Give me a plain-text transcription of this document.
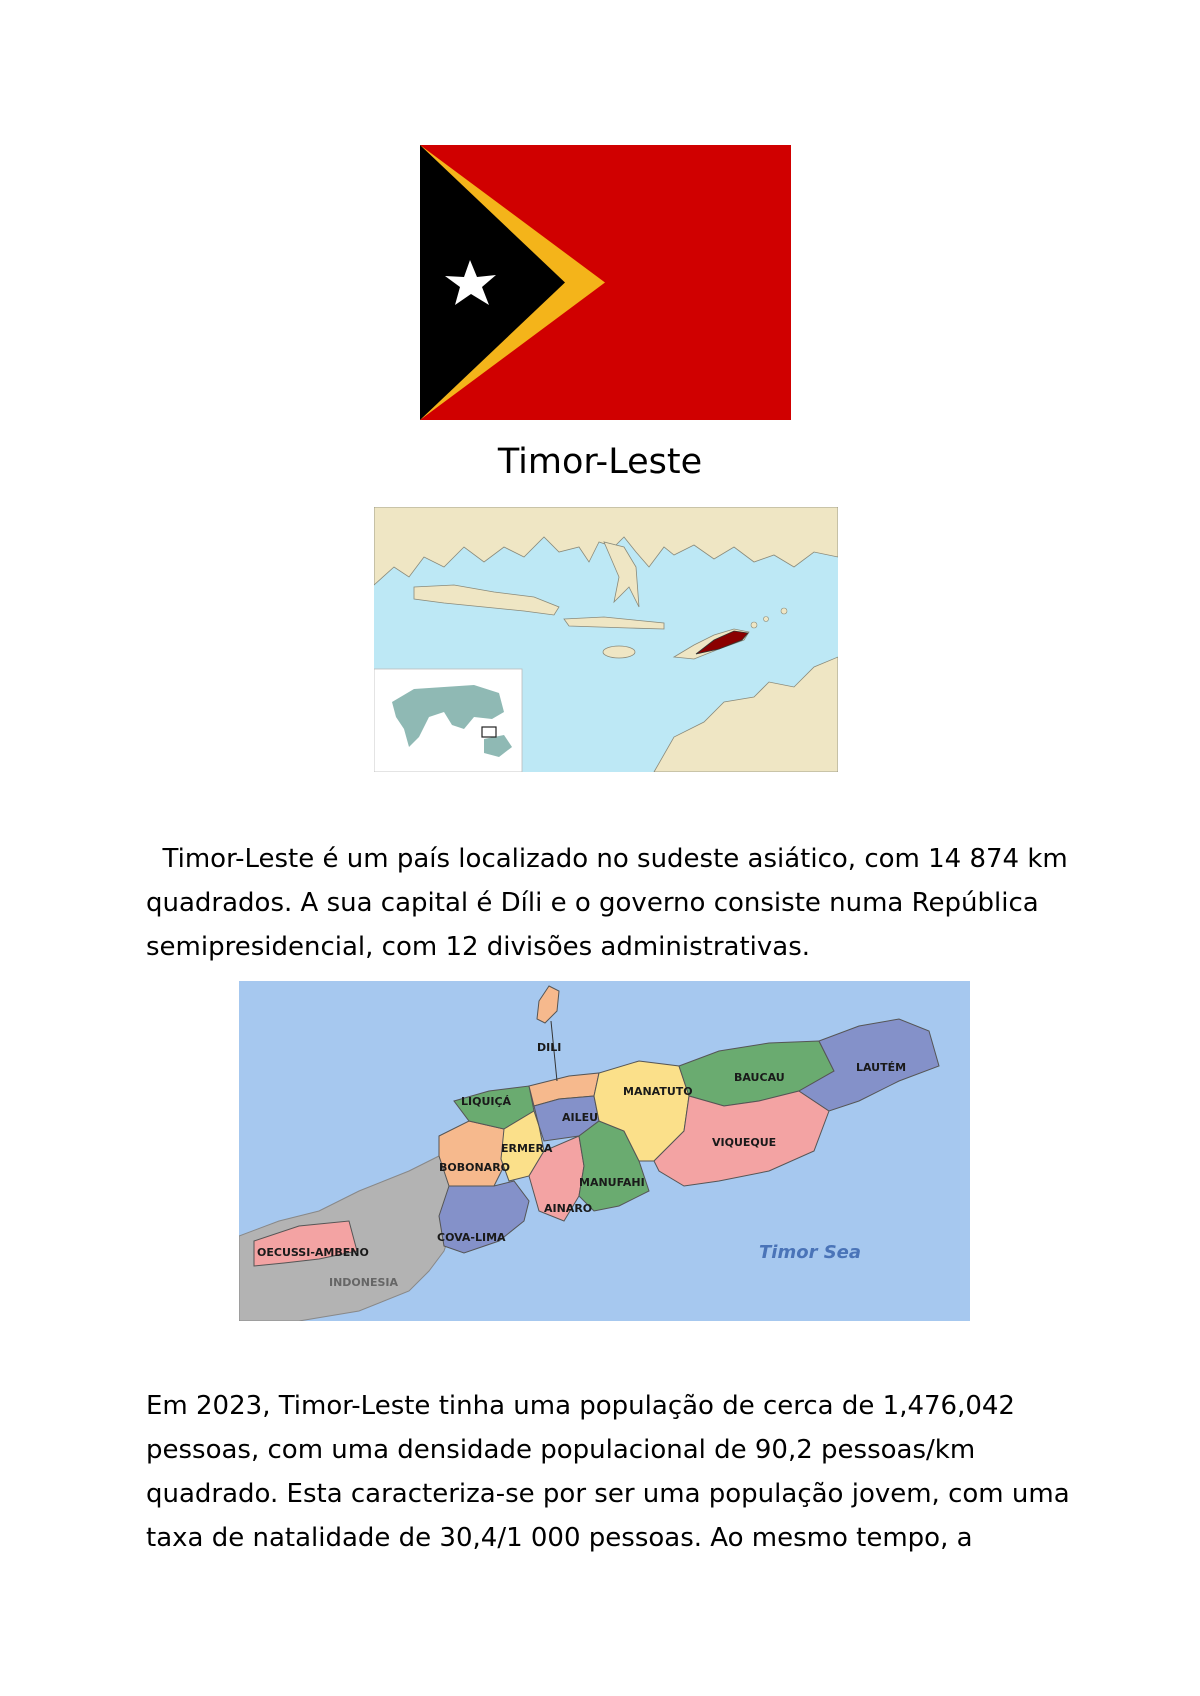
Timor-Leste
Timor-Leste é um país localizado no sudeste asiático, com 14 874 km quadrados. A sua capital é Díli e o governo consiste numa República semipresidencial, com 12 divisões administrativas.
DILI
LIQUIÇÁ
AILEU
MANATUTO
BAUCAU
LAUTÉM
ERMERA
BOBONARO
VIQUEQUE
MANUFAHI
AINARO
COVA-LIMA
OECUSSI-AMBENO
INDONESIA
Timor Sea
Em 2023, Timor-Leste tinha uma população de cerca de 1,476,042 pessoas, com uma densidade populacional de 90,2 pessoas/km quadrado. Esta caracteriza-se por ser uma população jovem, com uma taxa de natalidade de 30,4/1 000 pessoas. Ao mesmo tempo, a
